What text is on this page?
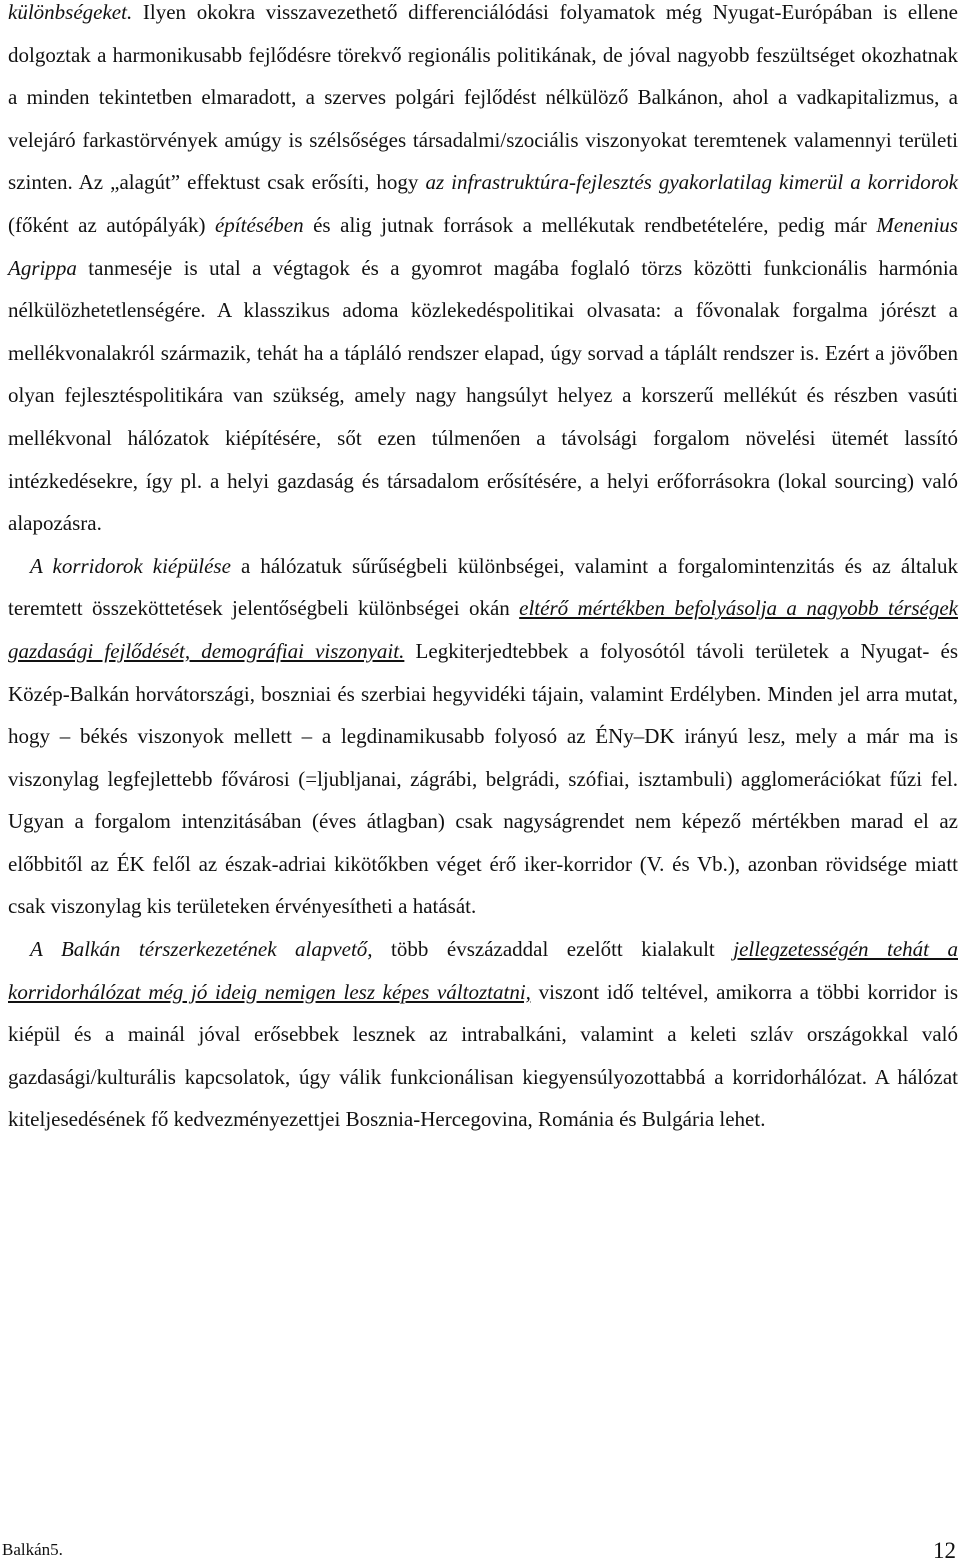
különbségeket. Ilyen okokra visszavezethető differenciálódási folyamatok még Nyugat-Európában is ellene dolgoztak a harmonikusabb fejlődésre törekvő regionális politikának, de jóval nagyobb feszültséget okozhatnak a minden tekintetben elmaradott, a szerves polgári fejlődést nélkülöző Balkánon, ahol a vadkapitalizmus, a velejáró farkastörvények amúgy is szélsőséges társadalmi/szociális viszonyokat teremtenek valamennyi területi szinten. Az „alagút” effektust csak erősíti, hogy az infrastruktúra-fejlesztés gyakorlatilag kimerül a korridorok (főként az autópályák) építésében és alig jutnak források a mellékutak rendbetételére, pedig már Menenius Agrippa tanmeséje is utal a végtagok és a gyomrot magába foglaló törzs közötti funkcionális harmónia nélkülözhetetlenségére. A klasszikus adoma közlekedéspolitikai olvasata: a fővonalak forgalma jórészt a mellékvonalakról származik, tehát ha a tápláló rendszer elapad, úgy sorvad a táplált rendszer is. Ezért a jövőben olyan fejlesztéspolitikára van szükség, amely nagy hangsúlyt helyez a korszerű mellékút és részben vasúti mellékvonal hálózatok kiépítésére, sőt ezen túlmenően a távolsági forgalom növelési ütemét lassító intézkedésekre, így pl. a helyi gazdaság és társadalom erősítésére, a helyi erőforrásokra (lokal sourcing) való alapozásra.

A korridorok kiépülése a hálózatuk sűrűségbeli különbségei, valamint a forgalomintenzitás és az általuk teremtett összeköttetések jelentőségbeli különbségei okán eltérő mértékben befolyásolja a nagyobb térségek gazdasági fejlődését, demográfiai viszonyait. Legkiterjedtebbek a folyosótól távoli területek a Nyugat- és Közép-Balkán horvátországi, boszniai és szerbiai hegyvidéki tájain, valamint Erdélyben. Minden jel arra mutat, hogy – békés viszonyok mellett – a legdinamikusabb folyosó az ÉNy–DK irányú lesz, mely a már ma is viszonylag legfejlettebb fővárosi (=ljubljanai, zágrábi, belgrádi, szófiai, isztambuli) agglomerációkat fűzi fel. Ugyan a forgalom intenzitásában (éves átlagban) csak nagyságrendet nem képező mértékben marad el az előbbitől az ÉK felől az észak-adriai kikötőkben véget érő iker-korridor (V. és Vb.), azonban rövidsége miatt csak viszonylag kis területeken érvényesítheti a hatását.

A Balkán térszerkezetének alapvető, több évszázaddal ezelőtt kialakult jellegzetességén tehát a korridorhálózat még jó ideig nemigen lesz képes változtatni, viszont idő teltével, amikorra a többi korridor is kiépül és a mainál jóval erősebbek lesznek az intrabalkáni, valamint a keleti szláv országokkal való gazdasági/kulturális kapcsolatok, úgy válik funkcionálisan kiegyensúlyozottabbá a korridorhálózat. A hálózat kiteljesedésének fő kedvezményezettjei Bosznia-Hercegovina, Románia és Bulgária lehet.

Balkán5.	12
